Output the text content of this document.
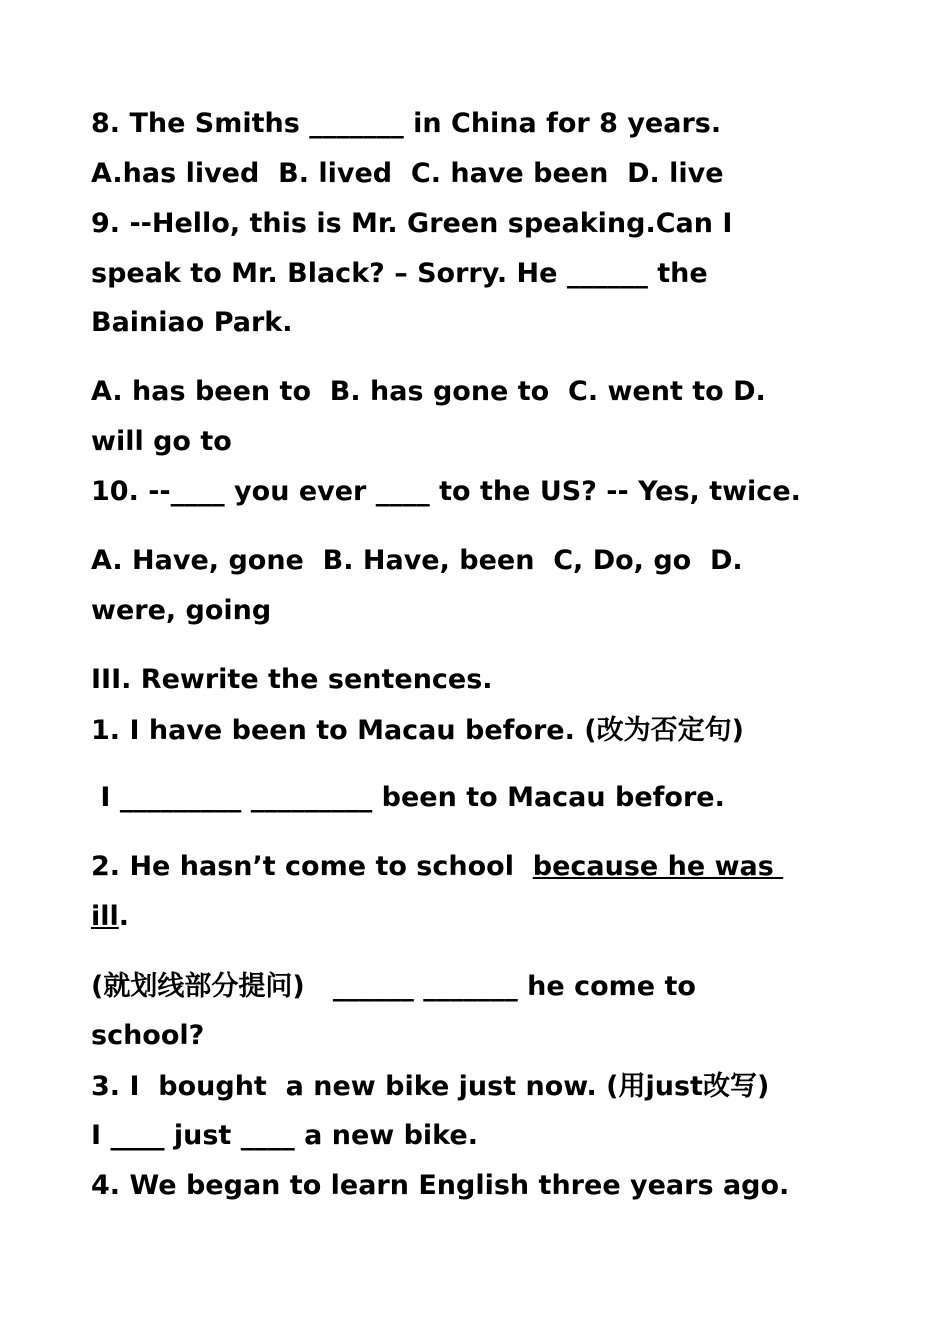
8. The Smiths _______ in China for 8 years.

A.has lived  B. lived  C. have been  D. live

9. --Hello, this is Mr. Green speaking.Can I

speak to Mr. Black? – Sorry. He ______ the

Bainiao Park.

A. has been to  B. has gone to  C. went to D.

will go to

10. --____ you ever ____ to the US? -- Yes, twice.

A. Have, gone  B. Have, been  C, Do, go  D.

were, going

III. Rewrite the sentences.

1. I have been to Macau before. (改为否定句)

I _________ _________ been to Macau before.

2. He hasn’t come to school  because he was

ill.

(就划线部分提问)   ______ _______ he come to

school?

3. I  bought  a new bike just now. (用just改写)

I ____ just ____ a new bike.

4. We began to learn English three years ago.
